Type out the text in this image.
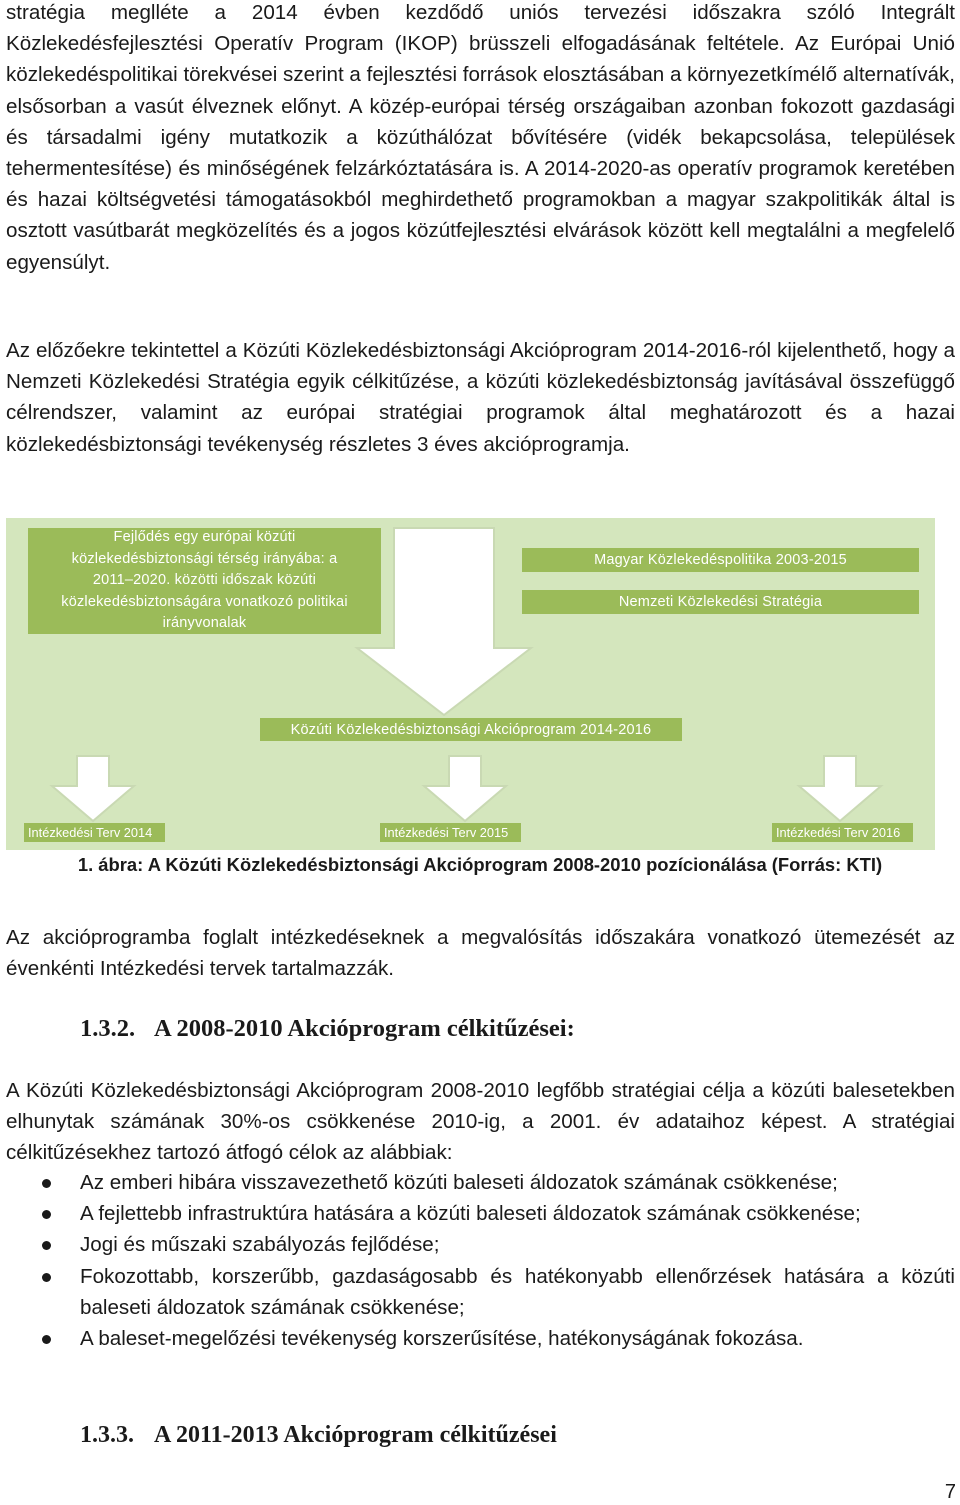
stratégia meglléte a 2014 évben kezdődő uniós tervezési időszakra szóló Integrált Közlekedésfejlesztési Operatív Program (IKOP) brüsszeli elfogadásának feltétele. Az Európai Unió közlekedéspolitikai törekvései szerint a fejlesztési források elosztásában a környezetkímélő alternatívák, elsősorban a vasút élveznek előnyt. A közép-európai térség országaiban azonban fokozott gazdasági és társadalmi igény mutatkozik a közúthálózat bővítésére (vidék bekapcsolása, települések tehermentesítése) és minőségének felzárkóztatására is. A 2014-2020-as operatív programok keretében és hazai költségvetési támogatásokból meghirdethető programokban a magyar szakpolitikák által is osztott vasútbarát megközelítés és a jogos közútfejlesztési elvárások között kell megtalálni a megfelelő egyensúlyt.

Az előzőekre tekintettel a Közúti Közlekedésbiztonsági Akcióprogram 2014-2016-ról kijelenthető, hogy a Nemzeti Közlekedési Stratégia egyik célkitűzése, a közúti közlekedésbiztonság javításával összefüggő célrendszer, valamint az európai stratégiai programok által meghatározott és a hazai közlekedésbiztonsági tevékenység részletes 3 éves akcióprogramja.

Fejlődés egy európai közúti
közlekedésbiztonsági térség irányába: a
2011–2020. közötti időszak közúti
közlekedésbiztonságára vonatkozó politikai
irányvonalak
Magyar Közlekedéspolitika 2003-2015
Nemzeti Közlekedési Stratégia
Közúti Közlekedésbiztonsági Akcióprogram 2014-2016
Intézkedési Terv 2014	Intézkedési Terv 2015	Intézkedési Terv 2016
1. ábra: A Közúti Közlekedésbiztonsági Akcióprogram 2008-2010 pozícionálása (Forrás: KTI)

Az akcióprogramba foglalt intézkedéseknek a megvalósítás időszakára vonatkozó ütemezését az évenkénti Intézkedési tervek tartalmazzák.

1.3.2. A 2008-2010 Akcióprogram célkitűzései:

A Közúti Közlekedésbiztonsági Akcióprogram 2008-2010 legfőbb stratégiai célja a közúti balesetekben elhunytak számának 30%-os csökkenése 2010-ig, a 2001. év adataihoz képest. A stratégiai célkitűzésekhez tartozó átfogó célok az alábbiak:

Az emberi hibára visszavezethető közúti baleseti áldozatok számának csökkenése;
A fejlettebb infrastruktúra hatására a közúti baleseti áldozatok számának csökkenése;
Jogi és műszaki szabályozás fejlődése;
Fokozottabb, korszerűbb, gazdaságosabb és hatékonyabb ellenőrzések hatására a közúti baleseti áldozatok számának csökkenése;
A baleset-megelőzési tevékenység korszerűsítése, hatékonyságának fokozása.
1.3.3. A 2011-2013 Akcióprogram célkitűzései
7
